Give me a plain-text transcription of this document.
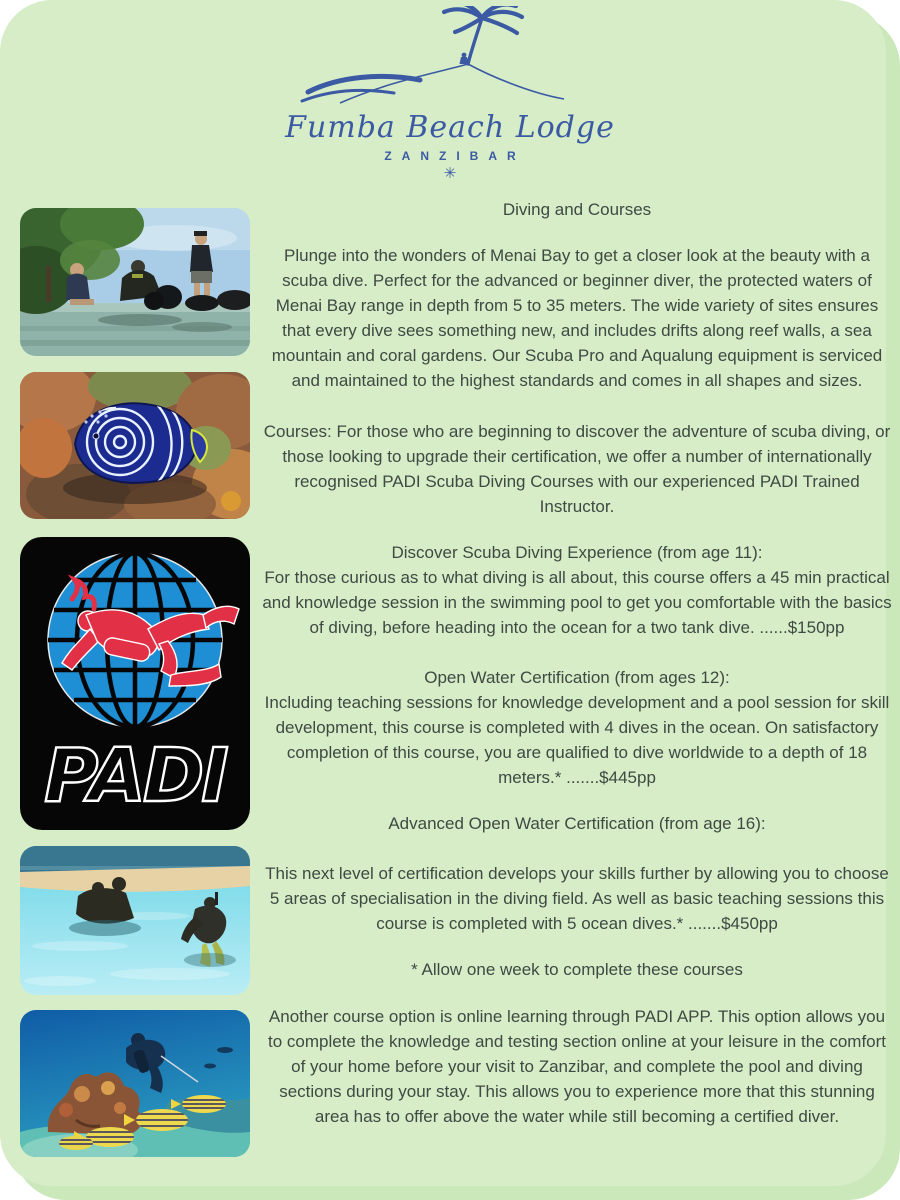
Fumba Beach Lodge
ZANZIBAR
✳
PADI
Diving and Courses
Plunge into the wonders of Menai Bay to get a closer look at the beauty with a scuba dive. Perfect for the advanced or beginner diver, the protected waters of Menai Bay range in depth from 5 to 35 meters. The wide variety of sites ensures that every dive sees something new, and includes drifts along reef walls, a sea mountain and coral gardens. Our Scuba Pro and Aqualung equipment is serviced and maintained to the highest standards and comes in all shapes and sizes.
Courses: For those who are beginning to discover the adventure of scuba diving, or those looking to upgrade their certification, we offer a number of internationally recognised PADI Scuba Diving Courses with our experienced PADI Trained Instructor.
Discover Scuba Diving Experience (from age 11):
For those curious as to what diving is all about, this course offers a 45 min practical and knowledge session in the swimming pool to get you comfortable with the basics of diving, before heading into the ocean for a two tank dive. ......$150pp
Open Water Certification (from ages 12):
Including teaching sessions for knowledge development and a pool session for skill development, this course is completed with 4 dives in the ocean. On satisfactory completion of this course, you are qualified to dive worldwide to a depth of 18 meters.* .......$445pp
Advanced Open Water Certification (from age 16):
This next level of certification develops your skills further by allowing you to choose 5 areas of specialisation in the diving field. As well as basic teaching sessions this course is completed with 5 ocean dives.* .......$450pp
* Allow one week to complete these courses
Another course option is online learning through PADI APP. This option allows you to complete the knowledge and testing section online at your leisure in the comfort of your home before your visit to Zanzibar, and complete the pool and diving sections during your stay. This allows you to experience more that this stunning area has to offer above the water while still becoming a certified diver.
